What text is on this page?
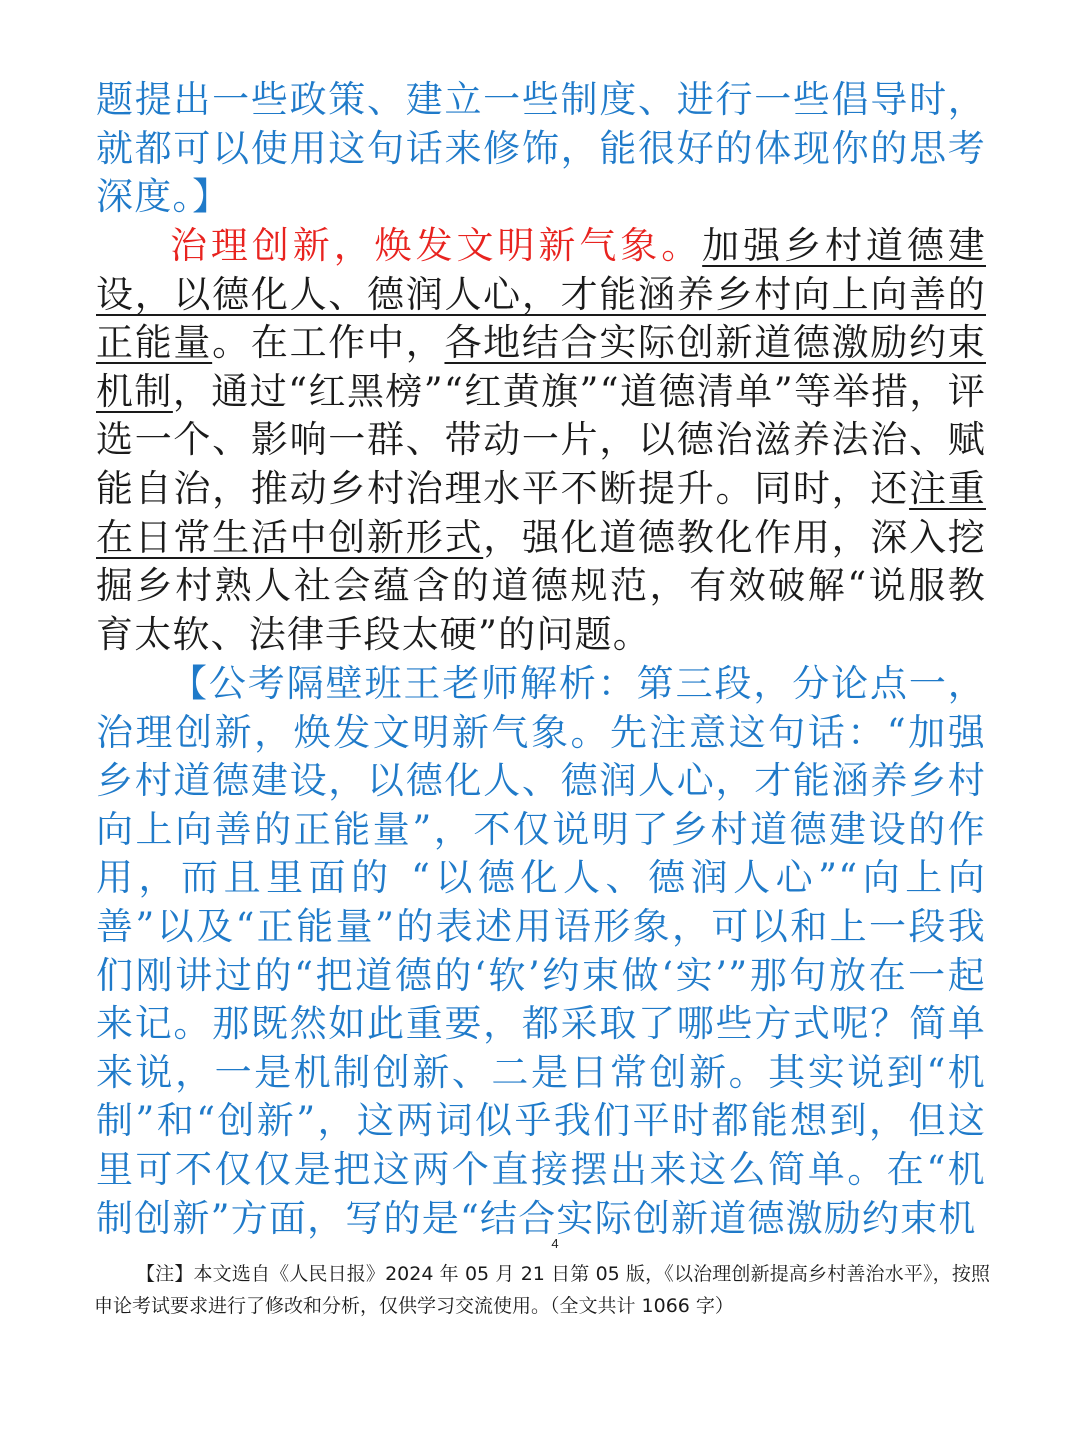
题提出一些政策、建立一些制度、进行一些倡导时，就都可以使用这句话来修饰，能很好的体现你的思考深度。】

治理创新，焕发文明新气象。加强乡村道德建设，以德化人、德润人心，才能涵养乡村向上向善的正能量。在工作中，各地结合实际创新道德激励约束机制，通过“红黑榜”“红黄旗”“道德清单”等举措，评选一个、影响一群、带动一片，以德治滋养法治、赋能自治，推动乡村治理水平不断提升。同时，还注重在日常生活中创新形式，强化道德教化作用，深入挖掘乡村熟人社会蕴含的道德规范，有效破解“说服教育太软、法律手段太硬”的问题。

【公考隔壁班王老师解析：第三段，分论点一，治理创新，焕发文明新气象。先注意这句话：“加强乡村道德建设，以德化人、德润人心，才能涵养乡村向上向善的正能量”，不仅说明了乡村道德建设的作用，而且里面的 “以德化人、德润人心”“向上向善”以及“正能量”的表述用语形象，可以和上一段我们刚讲过的“把道德的‘软’约束做‘实’”那句放在一起来记。那既然如此重要，都采取了哪些方式呢？简单来说，一是机制创新、二是日常创新。其实说到“机制”和“创新”，这两词似乎我们平时都能想到，但这里可不仅仅是把这两个直接摆出来这么简单。在“机制创新”方面，写的是“结合实际创新道德激励约束机

4

【注】本文选自《人民日报》2024 年 05 月 21 日第 05 版，《以治理创新提高乡村善治水平》，按照申论考试要求进行了修改和分析，仅供学习交流使用。（全文共计 1066 字）
